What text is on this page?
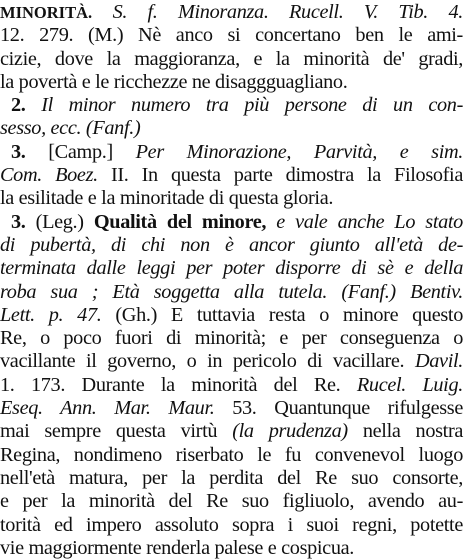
MINORITÀ. S. f. Minoranza. Rucell. V. Tib. 4.
12. 279. (M.) Nè anco si concertano ben le ami-
cizie, dove la maggioranza, e la minorità de' gradi,
la povertà e le ricchezze ne disaggguagliano.
2. Il minor numero tra più persone di un con-
sesso, ecc. (Fanf.)
3. [Camp.] Per Minorazione, Parvità, e sim.
Com. Boez. II. In questa parte dimostra la Filosofia
la esilitade e la minoritade di questa gloria.
3. (Leg.) Qualità del minore, e vale anche Lo stato
di pubertà, di chi non è ancor giunto all'età de-
terminata dalle leggi per poter disporre di sè e della
roba sua ; Età soggetta alla tutela. (Fanf.) Bentiv.
Lett. p. 47. (Gh.) E tuttavia resta o minore questo
Re, o poco fuori di minorità; e per conseguenza o
vacillante il governo, o in pericolo di vacillare. Davil.
1. 173. Durante la minorità del Re. Rucel. Luig.
Eseq. Ann. Mar. Maur. 53. Quantunque rifulgesse
mai sempre questa virtù (la prudenza) nella nostra
Regina, nondimeno riserbato le fu convenevol luogo
nell'età matura, per la perdita del Re suo consorte,
e per la minorità del Re suo figliuolo, avendo au-
torità ed impero assoluto sopra i suoi regni, potette
vie maggiormente renderla palese e cospicua.
